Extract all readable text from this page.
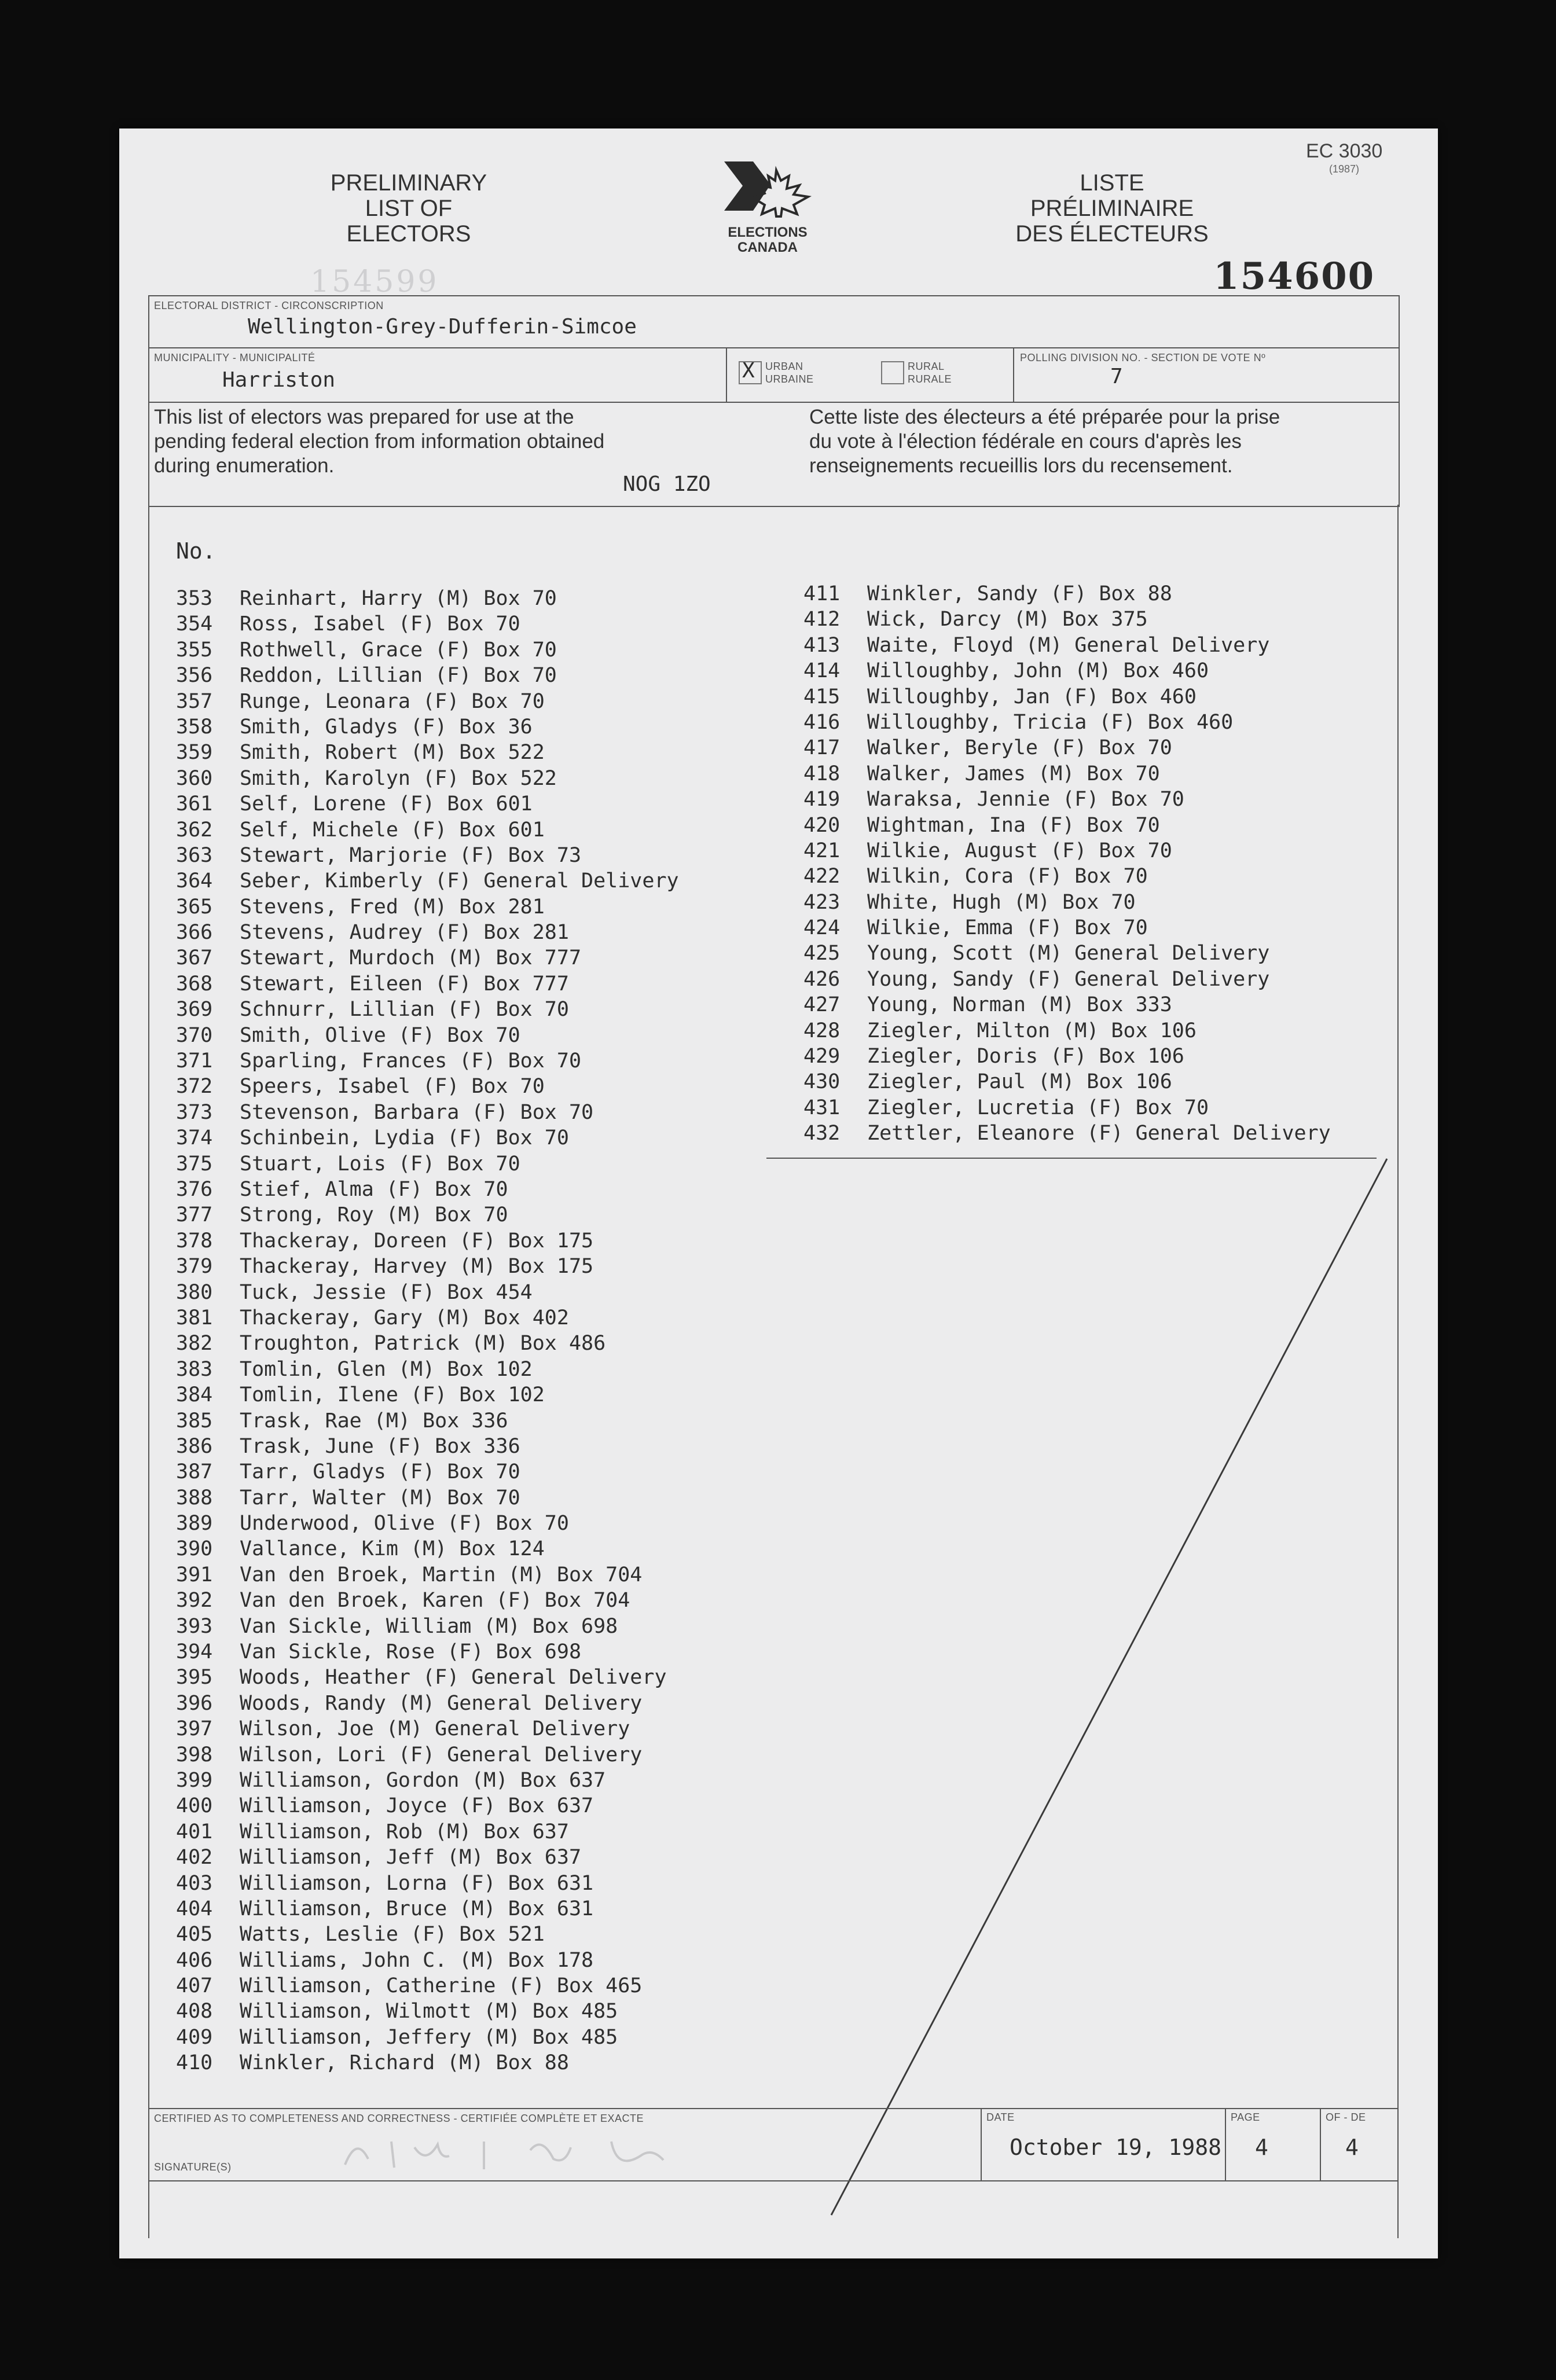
PRELIMINARY
LIST OF
ELECTORS	ELECTIONS
CANADA
LISTE
PRÉLIMINAIRE
DES ÉLECTEURS
EC 3030
(1987)
154600
154599
ELECTORAL DISTRICT - CIRCONSCRIPTION
Wellington-Grey-Dufferin-Simcoe
MUNICIPALITY - MUNICIPALITÉ
Harriston	X URBAN
URBAINE
RURAL
RURALE
POLLING DIVISION NO. - SECTION DE VOTE Nº
7
This list of electors was prepared for use at the
pending federal election from information obtained
during enumeration.
Cette liste des électeurs a été préparée pour la prise
du vote à l'élection fédérale en cours d'après les
renseignements recueillis lors du recensement.
NOG 1ZO
No.
353 Reinhart, Harry (M) Box 70
354 Ross, Isabel (F) Box 70
355 Rothwell, Grace (F) Box 70
356 Reddon, Lillian (F) Box 70
357 Runge, Leonara (F) Box 70
358 Smith, Gladys (F) Box 36
359 Smith, Robert (M) Box 522
360 Smith, Karolyn (F) Box 522
361 Self, Lorene (F) Box 601
362 Self, Michele (F) Box 601
363 Stewart, Marjorie (F) Box 73
364 Seber, Kimberly (F) General Delivery
365 Stevens, Fred (M) Box 281
366 Stevens, Audrey (F) Box 281
367 Stewart, Murdoch (M) Box 777
368 Stewart, Eileen (F) Box 777
369 Schnurr, Lillian (F) Box 70
370 Smith, Olive (F) Box 70
371 Sparling, Frances (F) Box 70
372 Speers, Isabel (F) Box 70
373 Stevenson, Barbara (F) Box 70
374 Schinbein, Lydia (F) Box 70
375 Stuart, Lois (F) Box 70
376 Stief, Alma (F) Box 70
377 Strong, Roy (M) Box 70
378 Thackeray, Doreen (F) Box 175
379 Thackeray, Harvey (M) Box 175
380 Tuck, Jessie (F) Box 454
381 Thackeray, Gary (M) Box 402
382 Troughton, Patrick (M) Box 486
383 Tomlin, Glen (M) Box 102
384 Tomlin, Ilene (F) Box 102
385 Trask, Rae (M) Box 336
386 Trask, June (F) Box 336
387 Tarr, Gladys (F) Box 70
388 Tarr, Walter (M) Box 70
389 Underwood, Olive (F) Box 70
390 Vallance, Kim (M) Box 124
391 Van den Broek, Martin (M) Box 704
392 Van den Broek, Karen (F) Box 704
393 Van Sickle, William (M) Box 698
394 Van Sickle, Rose (F) Box 698
395 Woods, Heather (F) General Delivery
396 Woods, Randy (M) General Delivery
397 Wilson, Joe (M) General Delivery
398 Wilson, Lori (F) General Delivery
399 Williamson, Gordon (M) Box 637
400 Williamson, Joyce (F) Box 637
401 Williamson, Rob (M) Box 637
402 Williamson, Jeff (M) Box 637
403 Williamson, Lorna (F) Box 631
404 Williamson, Bruce (M) Box 631
405 Watts, Leslie (F) Box 521
406 Williams, John C. (M) Box 178
407 Williamson, Catherine (F) Box 465
408 Williamson, Wilmott (M) Box 485
409 Williamson, Jeffery (M) Box 485
410 Winkler, Richard (M) Box 88
411 Winkler, Sandy (F) Box 88
412 Wick, Darcy (M) Box 375
413 Waite, Floyd (M) General Delivery
414 Willoughby, John (M) Box 460
415 Willoughby, Jan (F) Box 460
416 Willoughby, Tricia (F) Box 460
417 Walker, Beryle (F) Box 70
418 Walker, James (M) Box 70
419 Waraksa, Jennie (F) Box 70
420 Wightman, Ina (F) Box 70
421 Wilkie, August (F) Box 70
422 Wilkin, Cora (F) Box 70
423 White, Hugh (M) Box 70
424 Wilkie, Emma (F) Box 70
425 Young, Scott (M) General Delivery
426 Young, Sandy (F) General Delivery
427 Young, Norman (M) Box 333
428 Ziegler, Milton (M) Box 106
429 Ziegler, Doris (F) Box 106
430 Ziegler, Paul (M) Box 106
431 Ziegler, Lucretia (F) Box 70
432 Zettler, Eleanore (F) General Delivery
CERTIFIED AS TO COMPLETENESS AND CORRECTNESS - CERTIFIÉE COMPLÈTE ET EXACTE
SIGNATURE(S)
DATE
October 19, 1988
PAGE
4
OF - DE
4
